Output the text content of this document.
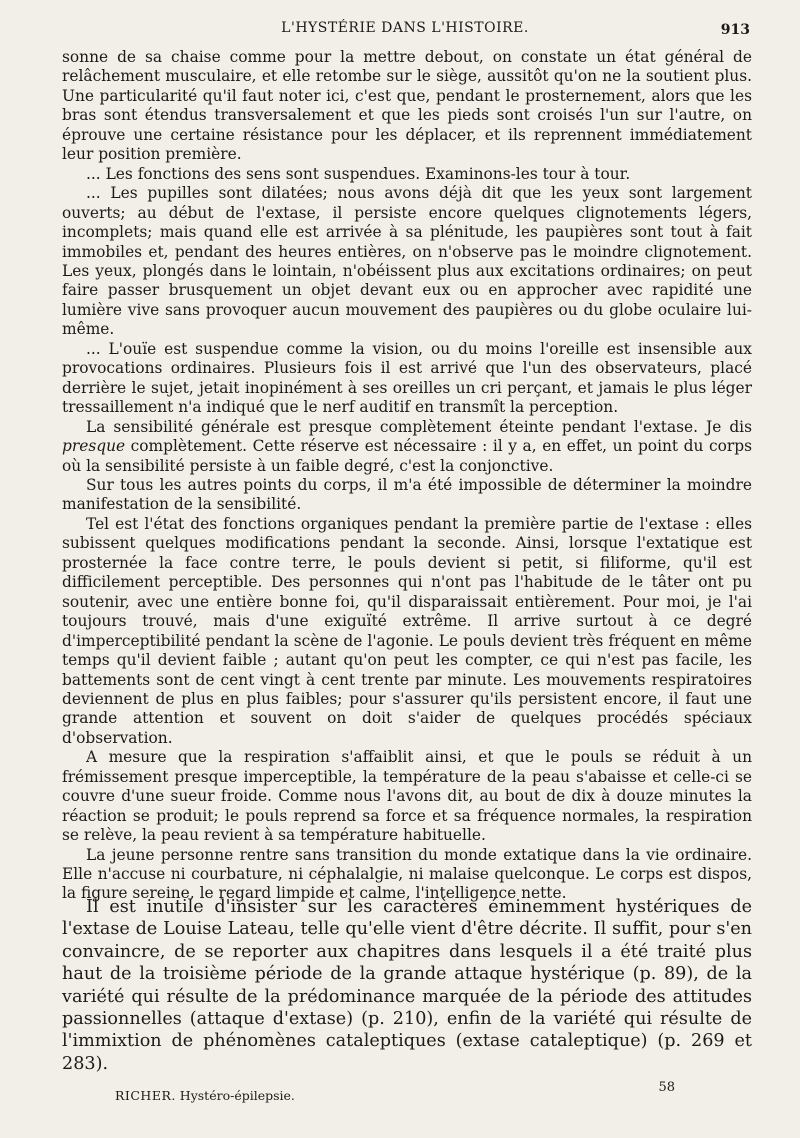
L'HYSTÉRIE DANS L'HISTOIRE.	913

sonne de sa chaise comme pour la mettre debout, on constate un état général de relâchement musculaire, et elle retombe sur le siège, aussitôt qu'on ne la soutient plus. Une particularité qu'il faut noter ici, c'est que, pendant le prosternement, alors que les bras sont étendus transversalement et que les pieds sont croisés l'un sur l'autre, on éprouve une certaine résistance pour les déplacer, et ils reprennent immédiatement leur position première.

... Les fonctions des sens sont suspendues. Examinons-les tour à tour.

... Les pupilles sont dilatées; nous avons déjà dit que les yeux sont largement ouverts; au début de l'extase, il persiste encore quelques clignotements légers, incomplets; mais quand elle est arrivée à sa plénitude, les paupières sont tout à fait immobiles et, pendant des heures entières, on n'observe pas le moindre clignotement. Les yeux, plongés dans le lointain, n'obéissent plus aux excitations ordinaires; on peut faire passer brusquement un objet devant eux ou en approcher avec rapidité une lumière vive sans provoquer aucun mouvement des paupières ou du globe oculaire lui-même.

... L'ouïe est suspendue comme la vision, ou du moins l'oreille est insensible aux provocations ordinaires. Plusieurs fois il est arrivé que l'un des observateurs, placé derrière le sujet, jetait inopinément à ses oreilles un cri perçant, et jamais le plus léger tressaillement n'a indiqué que le nerf auditif en transmît la perception.

La sensibilité générale est presque complètement éteinte pendant l'extase. Je dis presque complètement. Cette réserve est nécessaire : il y a, en effet, un point du corps où la sensibilité persiste à un faible degré, c'est la conjonctive.

Sur tous les autres points du corps, il m'a été impossible de déterminer la moindre manifestation de la sensibilité.

Tel est l'état des fonctions organiques pendant la première partie de l'extase : elles subissent quelques modifications pendant la seconde. Ainsi, lorsque l'extatique est prosternée la face contre terre, le pouls devient si petit, si filiforme, qu'il est difficilement perceptible. Des personnes qui n'ont pas l'habitude de le tâter ont pu soutenir, avec une entière bonne foi, qu'il disparaissait entièrement. Pour moi, je l'ai toujours trouvé, mais d'une exiguïté extrême. Il arrive surtout à ce degré d'imperceptibilité pendant la scène de l'agonie. Le pouls devient très fréquent en même temps qu'il devient faible ; autant qu'on peut les compter, ce qui n'est pas facile, les battements sont de cent vingt à cent trente par minute. Les mouvements respiratoires deviennent de plus en plus faibles; pour s'assurer qu'ils persistent encore, il faut une grande attention et souvent on doit s'aider de quelques procédés spéciaux d'observation.

A mesure que la respiration s'affaiblit ainsi, et que le pouls se réduit à un frémissement presque imperceptible, la température de la peau s'abaisse et celle-ci se couvre d'une sueur froide. Comme nous l'avons dit, au bout de dix à douze minutes la réaction se produit; le pouls reprend sa force et sa fréquence normales, la respiration se relève, la peau revient à sa température habituelle.

La jeune personne rentre sans transition du monde extatique dans la vie ordinaire. Elle n'accuse ni courbature, ni céphalalgie, ni malaise quelconque. Le corps est dispos, la figure sereine, le regard limpide et calme, l'intelligence nette.

Il est inutile d'insister sur les caractères éminemment hystériques de l'extase de Louise Lateau, telle qu'elle vient d'être décrite. Il suffit, pour s'en convaincre, de se reporter aux chapitres dans lesquels il a été traité plus haut de la troisième période de la grande attaque hystérique (p. 89), de la variété qui résulte de la prédominance marquée de la période des attitudes passionnelles (attaque d'extase) (p. 210), enfin de la variété qui résulte de l'immixtion de phénomènes cataleptiques (extase cataleptique) (p. 269 et 283).

RICHER. Hystéro-épilepsie.
58
